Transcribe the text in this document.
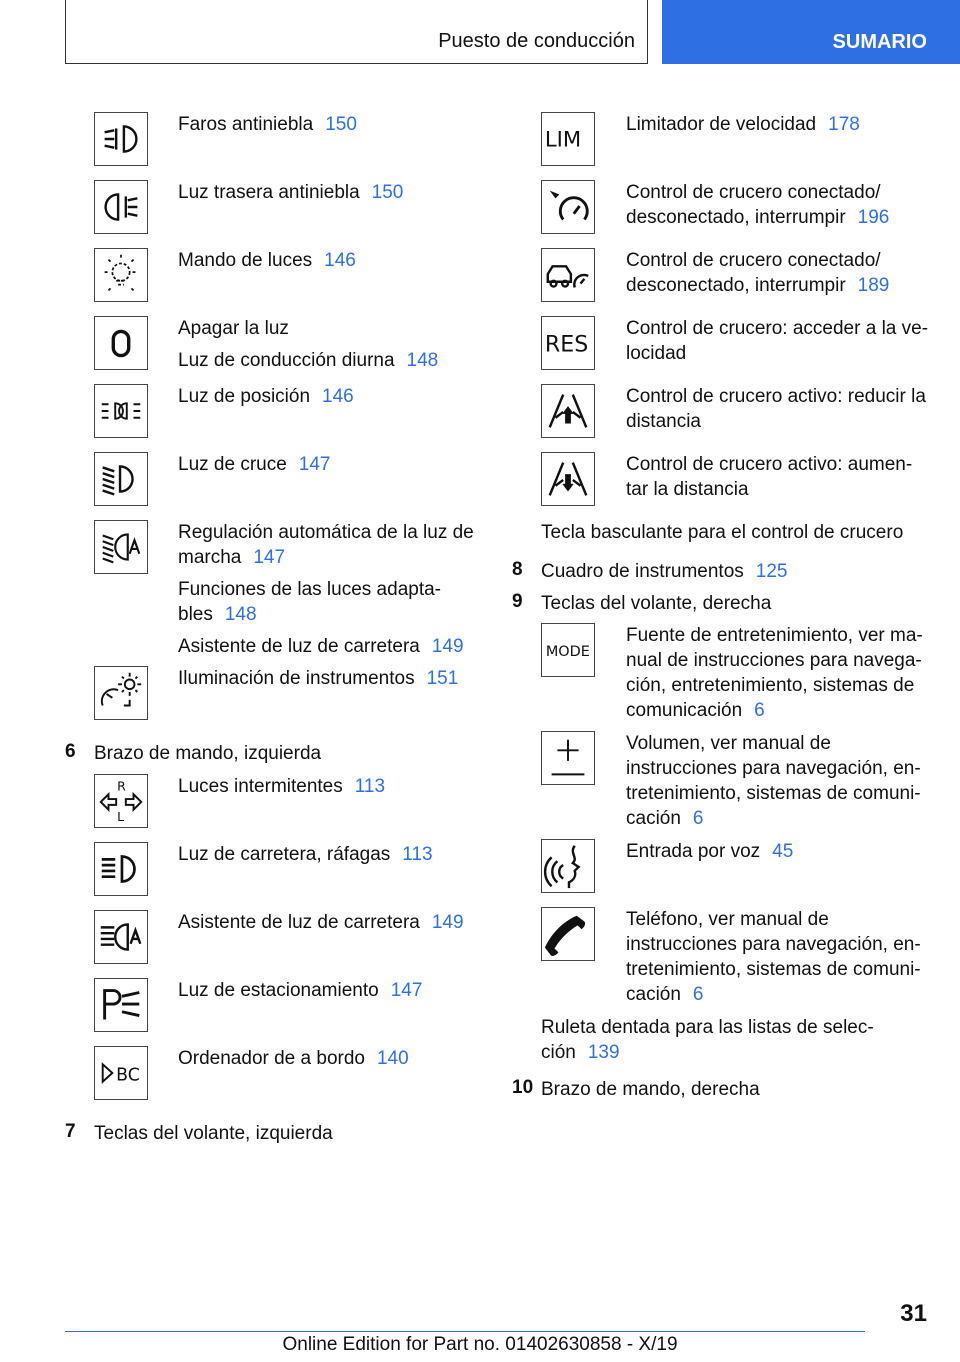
Puesto de conducción	SUMARIO
Faros antiniebla 150
Luz trasera antiniebla 150
Mando de luces 146
Apagar la luz
Luz de conducción diurna 148
Luz de posición 146
Luz de cruce 147
Regulación automática de la luz de
marcha 147
Funciones de las luces adapta-
bles 148
Asistente de luz de carretera 149
Iluminación de instrumentos 151
6 Brazo de mando, izquierda
R
L
Luces intermitentes 113
Luz de carretera, ráfagas 113
Asistente de luz de carretera 149
Luz de estacionamiento 147
BC
Ordenador de a bordo 140
7 Teclas del volante, izquierda
LIM
Limitador de velocidad 178
Control de crucero conectado/
desconectado, interrumpir 196
Control de crucero conectado/
desconectado, interrumpir 189
RES
Control de crucero: acceder a la ve-
locidad
Control de crucero activo: reducir la
distancia
Control de crucero activo: aumen-
tar la distancia
Tecla basculante para el control de crucero
8 Cuadro de instrumentos 125
9 Teclas del volante, derecha
MODE
Fuente de entretenimiento, ver ma-
nual de instrucciones para navega-
ción, entretenimiento, sistemas de
comunicación 6
Volumen, ver manual de
instrucciones para navegación, en-
tretenimiento, sistemas de comuni-
cación 6
Entrada por voz 45
Teléfono, ver manual de
instrucciones para navegación, en-
tretenimiento, sistemas de comuni-
cación 6
Ruleta dentada para las listas de selec-
ción 139
10 Brazo de mando, derecha
31
Online Edition for Part no. 01402630858 - X/19
